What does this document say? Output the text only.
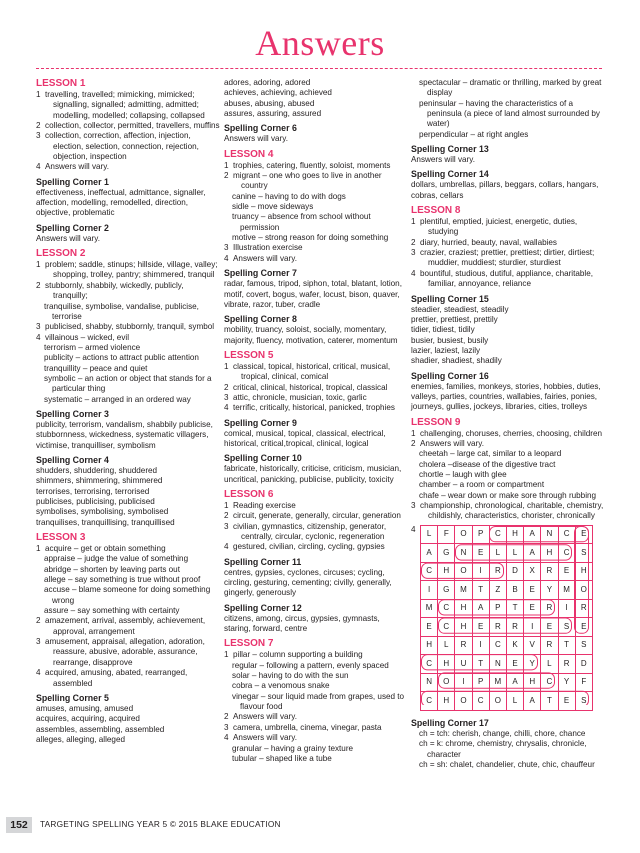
Answers
LESSON 1
1 travelling, travelled; mimicking, mimicked; signalling, signalled; admitting, admitted; modelling, modelled; collapsing, collapsed
2 collection, collector, permitted, travellers, muffins
3 collection, correction, affection, injection, election, selection, connection, rejection, objection, inspection
4 Answers will vary.
Spelling Corner 1
effectiveness, ineffectual, admittance, signaller, affection, modelling, remodelled, direction, objective, problematic
Spelling Corner 2
Answers will vary.
LESSON 2
1 problem; saddle, stinups; hillside, village, valley; shopping, trolley, pantry; shimmered, tranquil
2 stubbornly, shabbily, wickedly, publicly, tranquilly;
tranquilise, symbolise, vandalise, publicise, terrorise
3 publicised, shabby, stubbornly, tranquil, symbol
4 villainous – wicked, evil
terrorism – armed violence
publicity – actions to attract public attention
tranquillity – peace and quiet
symbolic – an action or object that stands for a particular thing
systematic – arranged in an ordered way
Spelling Corner 3
publicity, terrorism, vandalism, shabbily publicise, stubbornness, wickedness, systematic villagers, victimise, tranquilliser, symbolism
Spelling Corner 4
shudders, shuddering, shuddered
shimmers, shimmering, shimmered
terrorises, terrorising, terrorised
publicises, publicising, publicised
symbolises, symbolising, symbolised
tranquilises, tranquillising, tranquillised
LESSON 3
1 acquire – get or obtain something
appraise – judge the value of something
abridge – shorten by leaving parts out
allege – say something is true without proof
accuse – blame someone for doing something wrong
assure – say something with certainty
2 amazement, arrival, assembly, achievement, approval, arrangement
3 amusement, appraisal, allegation, adoration, reassure, abusive, adorable, assurance, rearrange, disapprove
4 acquired, amusing, abated, rearranged, assembled
Spelling Corner 5
amuses, amusing, amused
acquires, acquiring, acquired
assembles, assembling, assembled
alleges, alleging, alleged
adores, adoring, adored
achieves, achieving, achieved
abuses, abusing, abused
assures, assuring, assured
Spelling Corner 6
Answers will vary.
LESSON 4
1 trophies, catering, fluently, soloist, moments
2 migrant – one who goes to live in another country
canine – having to do with dogs
sidle – move sideways
truancy – absence from school without permission
motive – strong reason for doing something
3 Illustration exercise
4 Answers will vary.
Spelling Corner 7
radar, famous, tripod, siphon, total, blatant, lotion, motif, covert, bogus, wafer, locust, bison, quaver, vibrate, razor, tuber, cradle
Spelling Corner 8
mobility, truancy, soloist, socially, momentary, majority, fluency, motivation, caterer, momentum
LESSON 5
1 classical, topical, historical, critical, musical, tropical, clinical, comical
2 critical, clinical, historical, tropical, classical
3 attic, chronicle, musician, toxic, garlic
4 terrific, critically, historical, panicked, trophies
Spelling Corner 9
comical, musical, topical, classical, electrical, historical, critical,tropical, clinical, logical
Spelling Corner 10
fabricate, historically, criticise, criticism, musician, uncritical, panicking, publicise, publicity, toxicity
LESSON 6
1 Reading exercise
2 circuit, generate, generally, circular, generation
3 civilian, gymnastics, citizenship, generator, centrally, circular, cyclonic, regeneration
4 gestured, civilian, circling, cycling, gypsies
Spelling Corner 11
centres, gypsies, cyclones, circuses; cycling, circling, gesturing, cementing; civilly, generally, gingerly, generously
Spelling Corner 12
citizens, among, circus, gypsies, gymnasts, staring, forward, centre
LESSON 7
1 pillar – column supporting a building
regular – following a pattern, evenly spaced
solar – having to do with the sun
cobra – a venomous snake
vinegar – sour liquid made from grapes, used to flavour food
2 Answers will vary.
3 camera, umbrella, cinema, vinegar, pasta
4 Answers will vary.
granular – having a grainy texture
tubular – shaped like a tube
spectacular – dramatic or thrilling, marked by great display
peninsular – having the characteristics of a peninsula (a piece of land almost surrounded by water)
perpendicular – at right angles
Spelling Corner 13
Answers will vary.
Spelling Corner 14
dollars, umbrellas, pillars, beggars, collars, hangars, cobras, cellars
LESSON 8
1 plentiful, emptied, juiciest, energetic, duties, studying
2 diary, hurried, beauty, naval, wallabies
3 crazier, craziest; prettier, prettiest; dirtier, dirtiest; muddier, muddiest; sturdier, sturdiest
4 bountiful, studious, dutiful, appliance, charitable, familiar, annoyance, reliance
Spelling Corner 15
steadier, steadiest, steadily
prettier, prettiest, prettily
tidier, tidiest, tidily
busier, busiest, busily
lazier, laziest, lazily
shadier, shadiest, shadily
Spelling Corner 16
enemies, families, monkeys, stories, hobbies, duties, valleys, parties, countries, wallabies, fairies, ponies, journeys, gullies, jockeys, libraries, cities, trolleys
LESSON 9
1 challenging, choruses, cherries, choosing, children
2 Answers will vary.
cheetah – large cat, similar to a leopard
cholera –disease of the digestive tract
chortle – laugh with glee
chamber – a room or compartment
chafe – wear down or make sore through rubbing
3 championship, chronological, charitable, chemistry, childishly, characteristics, chorister, chronically
4
L	F	O	P	C	H	A	N	C	E
A	G	N	E	L	L	A	H	C	S
C	H	O	I	R	D	X	R	E	H
I	G	M	T	Z	B	E	Y	M	O
M	C	H	A	P	T	E	R	I	R
E	C	H	E	R	R	I	E	S	E
H	L	R	I	C	K	V	R	T	S
C	H	U	T	N	E	Y	L	R	D
N	O	I	P	M	A	H	C	Y	F
C	H	O	C	O	L	A	T	E	S
Spelling Corner 17
ch = tch: cherish, change, chilli, chore, chance
ch = k: chrome, chemistry, chrysalis, chronicle, character
ch = sh: chalet, chandelier, chute, chic, chauffeur
152	TARGETING SPELLING YEAR 5 © 2015 BLAKE EDUCATION
